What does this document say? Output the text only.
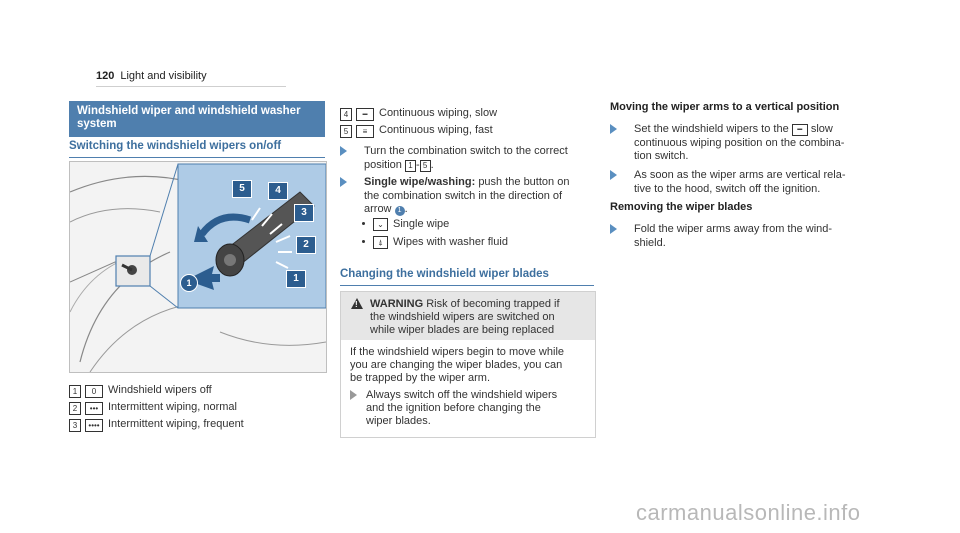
120 Light and visibility
Windshield wiper and windshield washer system
Switching the windshield wipers on/off
5	4
3
2
1
1
1 0 Windshield wipers off
2 ••• Intermittent wiping, normal
3 •••• Intermittent wiping, frequent
4 ━ Continuous wiping, slow
5 ≡ Continuous wiping, fast
Turn the combination switch to the correct
position 1 - 5 .
Single wipe/washing: push the button on
the combination switch in the direction of
arrow 1 .
⌄ Single wipe
⍋ Wipes with washer fluid
Changing the windshield wiper blades
!
WARNING Risk of becoming trapped if
the windshield wipers are switched on
while wiper blades are being replaced
If the windshield wipers begin to move while
you are changing the wiper blades, you can
be trapped by the wiper arm.
Always switch off the windshield wipers
and the ignition before changing the
wiper blades.
Moving the wiper arms to a vertical position
Set the windshield wipers to the ━ slow
continuous wiping position on the combina-
tion switch.
As soon as the wiper arms are vertical rela-
tive to the hood, switch off the ignition.
Removing the wiper blades
Fold the wiper arms away from the wind-
shield.
carmanualsonline.info
